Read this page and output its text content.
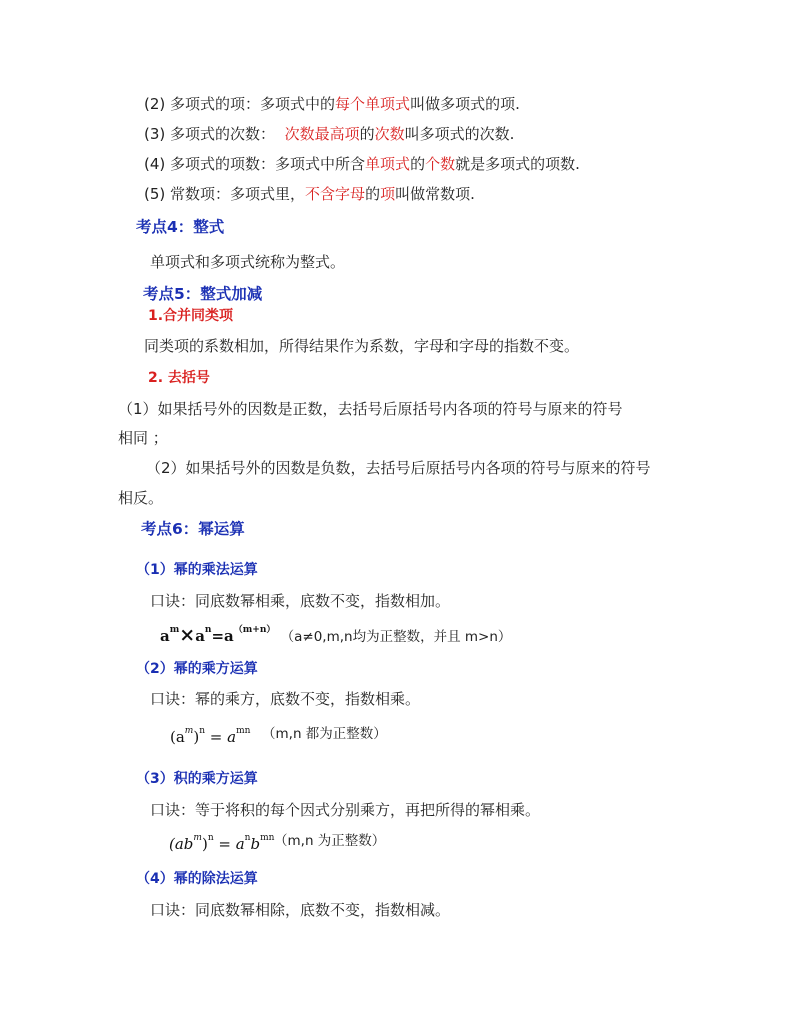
(2) 多项式的项：多项式中的每个单项式叫做多项式的项.
(3) 多项式的次数： 次数最高项的次数叫多项式的次数.
(4) 多项式的项数：多项式中所含单项式的个数就是多项式的项数.
(5) 常数项：多项式里，不含字母的项叫做常数项.
考点4：整式
单项式和多项式统称为整式。
考点5：整式加减
1.合并同类项
同类项的系数相加，所得结果作为系数，字母和字母的指数不变。
2. 去括号
（1）如果括号外的因数是正数，去括号后原括号内各项的符号与原来的符号
相同 ；
（2）如果括号外的因数是负数，去括号后原括号内各项的符号与原来的符号
相反。
考点6：幂运算
（1）幂的乘法运算
口诀：同底数幂相乘，底数不变，指数相加。
$a^m\times a^n=a^{(m+n)}$ （a≠0,m,n均为正整数，并且 m>n）
（2）幂的乘方运算
口诀：幂的乘方，底数不变，指数相乘。
$(a^m)^n = a^{mn}$ （m,n 都为正整数）
（3）积的乘方运算
口诀：等于将积的每个因式分别乘方，再把所得的幂相乘。
$(ab^m)^n = a^nb^{mn}$ （m,n 为正整数）
（4）幂的除法运算
口诀：同底数幂相除，底数不变，指数相减。
